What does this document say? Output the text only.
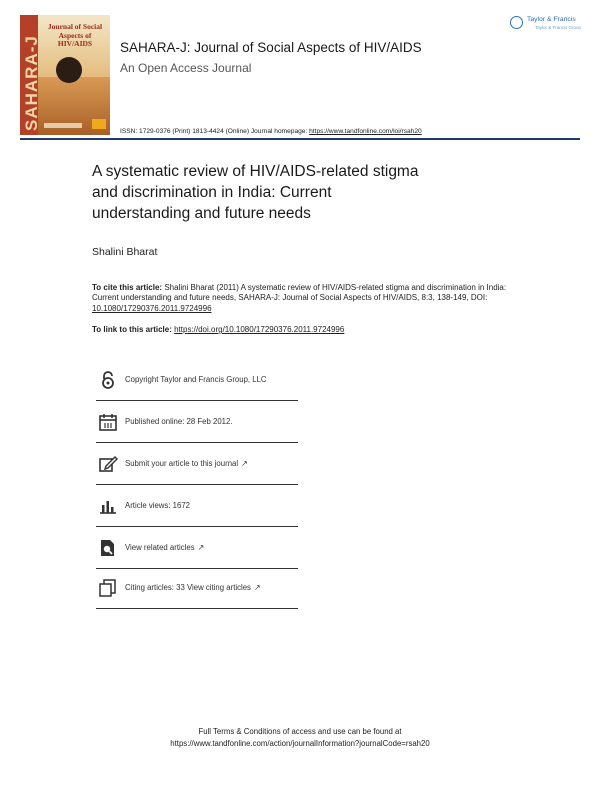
SAHARA-J
Journal of Social Aspects of HIV/AIDS	SAHARA-J: Journal of Social Aspects of HIV/AIDS
An Open Access Journal
Taylor & Francis
Taylor & Francis Group
ISSN: 1729-0376 (Print) 1813-4424 (Online) Journal homepage: https://www.tandfonline.com/loi/rsah20
A systematic review of HIV/AIDS-related stigma and discrimination in India: Current understanding and future needs
Shalini Bharat
To cite this article: Shalini Bharat (2011) A systematic review of HIV/AIDS-related stigma and discrimination in India: Current understanding and future needs, SAHARA-J: Journal of Social Aspects of HIV/AIDS, 8:3, 138-149, DOI: 10.1080/17290376.2011.9724996
To link to this article: https://doi.org/10.1080/17290376.2011.9724996
Copyright Taylor and Francis Group, LLC
Published online: 28 Feb 2012.
Submit your article to this journal ↗
Article views: 1672
View related articles ↗
Citing articles: 33 View citing articles ↗
Full Terms & Conditions of access and use can be found at
https://www.tandfonline.com/action/journalInformation?journalCode=rsah20
